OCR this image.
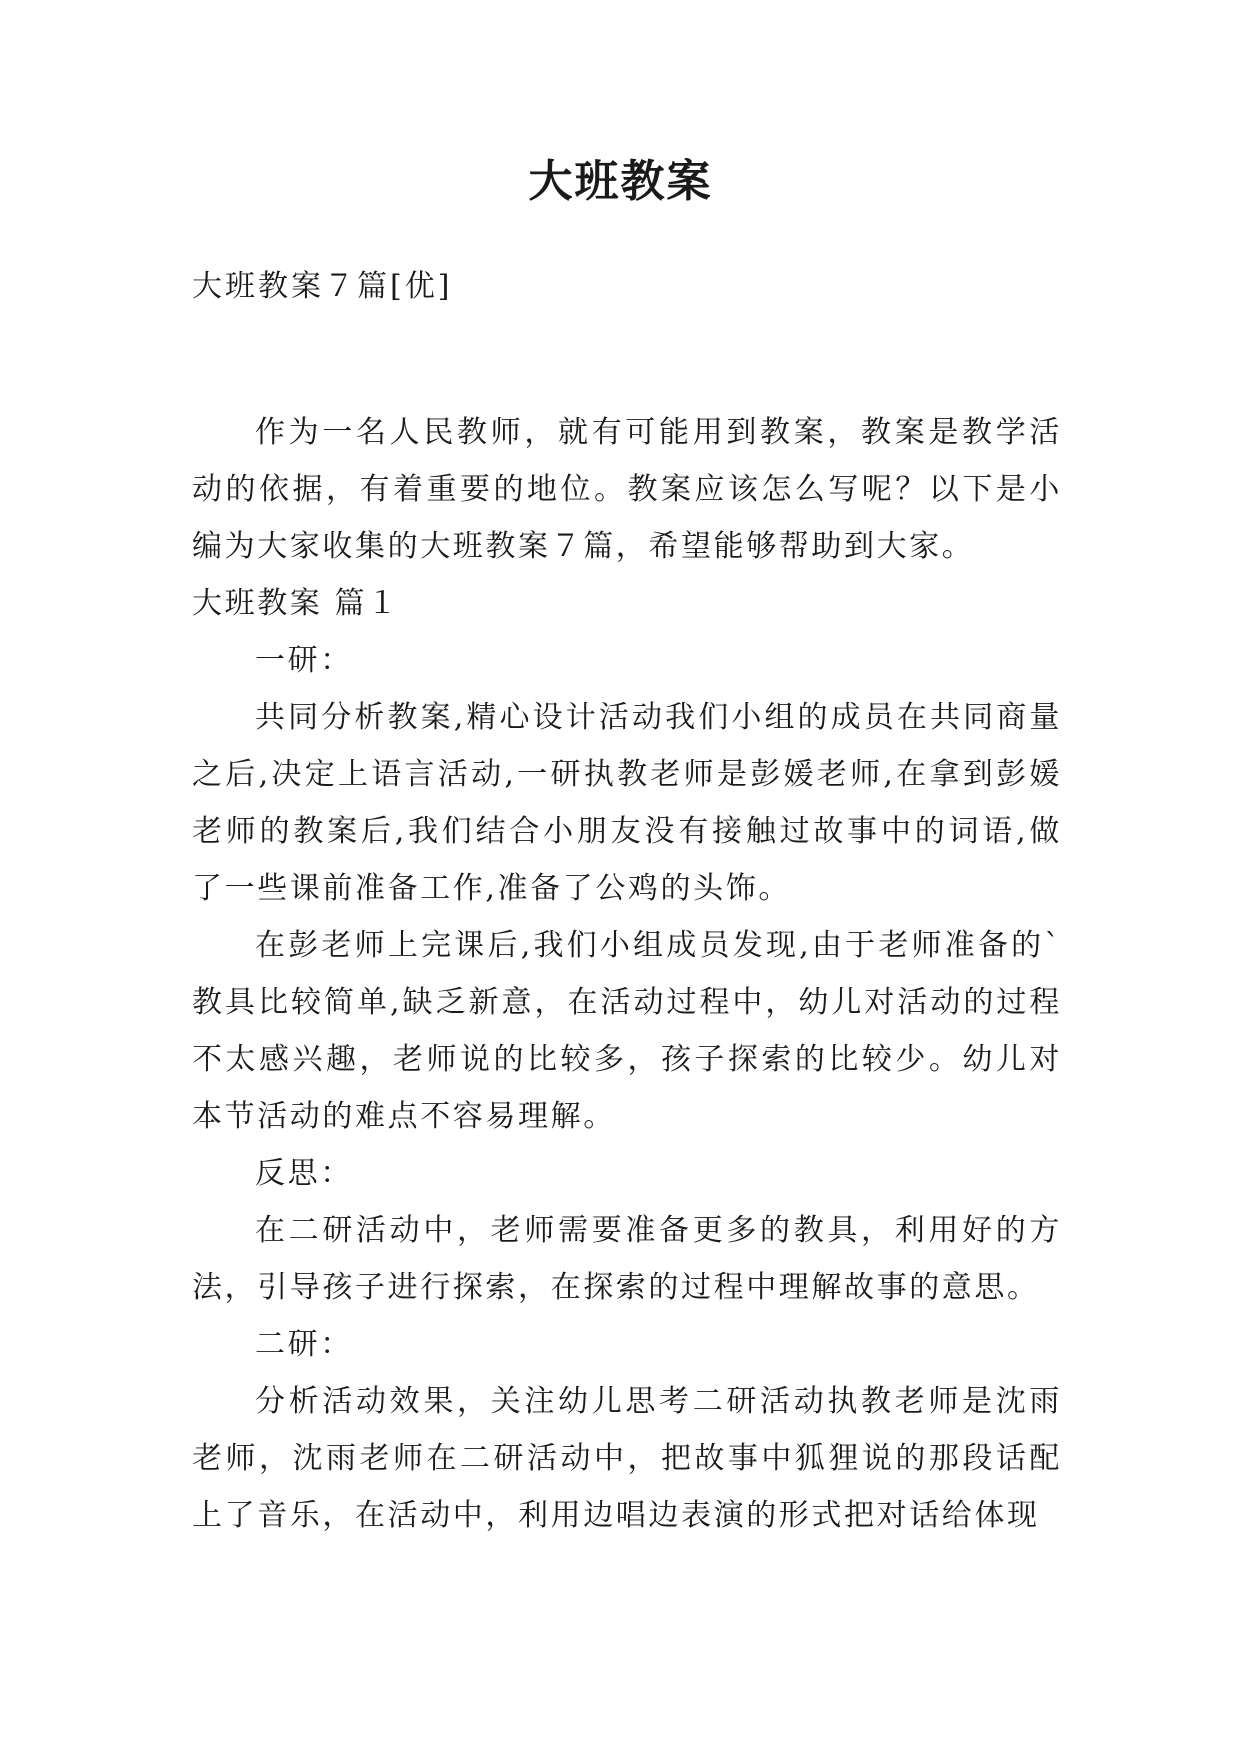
大班教案

大班教案７篇[优]

作为一名人民教师，就有可能用到教案，教案是教学活动的依据，有着重要的地位。教案应该怎么写呢？以下是小编为大家收集的大班教案７篇，希望能够帮助到大家。

大班教案 篇１

一研：

共同分析教案,精心设计活动我们小组的成员在共同商量之后,决定上语言活动,一研执教老师是彭媛老师,在拿到彭媛老师的教案后,我们结合小朋友没有接触过故事中的词语,做了一些课前准备工作,准备了公鸡的头饰。

在彭老师上完课后,我们小组成员发现,由于老师准备的`教具比较简单,缺乏新意，在活动过程中，幼儿对活动的过程不太感兴趣，老师说的比较多，孩子探索的比较少。幼儿对本节活动的难点不容易理解。

反思：

在二研活动中，老师需要准备更多的教具，利用好的方法，引导孩子进行探索，在探索的过程中理解故事的意思。

二研：

分析活动效果，关注幼儿思考二研活动执教老师是沈雨老师，沈雨老师在二研活动中，把故事中狐狸说的那段话配上了音乐，在活动中，利用边唱边表演的形式把对话给体现
